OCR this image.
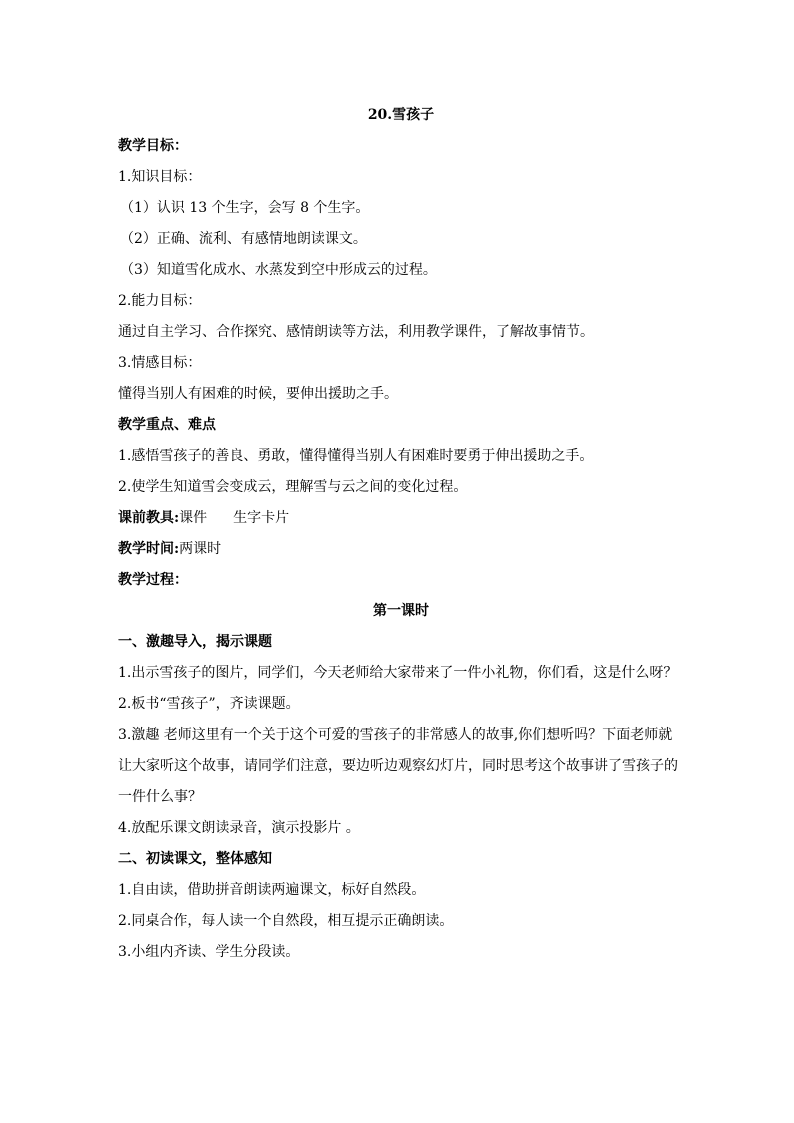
20.雪孩子
教学目标：
1.知识目标：
（1）认识 13 个生字，会写 8 个生字。
（2）正确、流利、有感情地朗读课文。
（3）知道雪化成水、水蒸发到空中形成云的过程。
2.能力目标：
通过自主学习、合作探究、感情朗读等方法，利用教学课件，了解故事情节。
3.情感目标：
懂得当别人有困难的时候，要伸出援助之手。
教学重点、难点
1.感悟雪孩子的善良、勇敢，懂得懂得当别人有困难时要勇于伸出援助之手。
2.使学生知道雪会变成云，理解雪与云之间的变化过程。
课前教具:课件 生字卡片
教学时间:两课时
教学过程：
第一课时
一、激趣导入，揭示课题
1.出示雪孩子的图片，同学们，今天老师给大家带来了一件小礼物，你们看，这是什么呀？
2.板书“雪孩子”，齐读课题。
3.激趣 老师这里有一个关于这个可爱的雪孩子的非常感人的故事,你们想听吗？下面老师就让大家听这个故事，请同学们注意，要边听边观察幻灯片，同时思考这个故事讲了雪孩子的一件什么事？
4.放配乐课文朗读录音，演示投影片 。
二、初读课文，整体感知
1.自由读，借助拼音朗读两遍课文，标好自然段。
2.同桌合作，每人读一个自然段，相互提示正确朗读。
3.小组内齐读、学生分段读。
